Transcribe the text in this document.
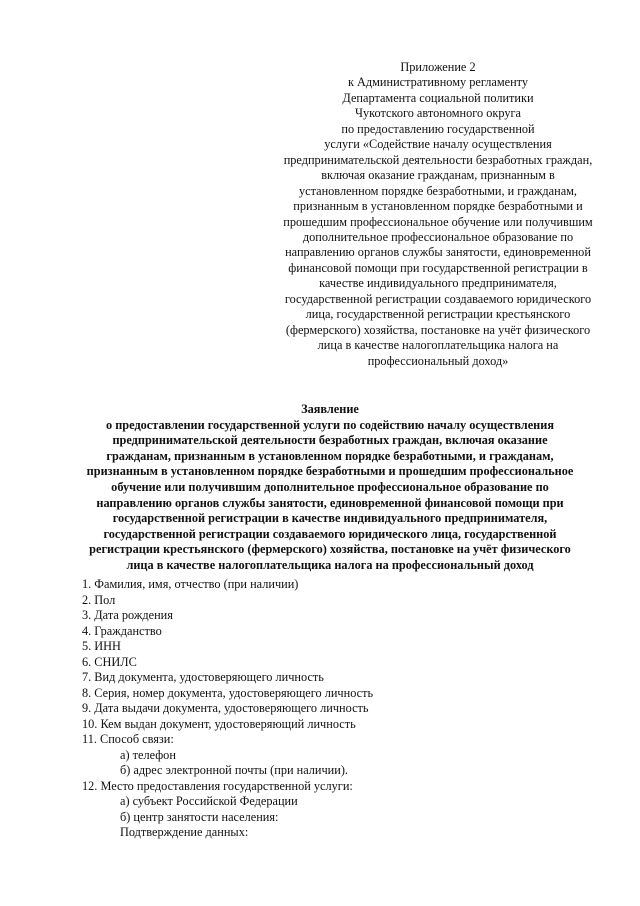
Приложение 2
к Административному регламенту
Департамента социальной политики
Чукотского автономного округа
по предоставлению государственной
услуги «Содействие началу осуществления
предпринимательской деятельности безработных граждан,
включая оказание гражданам, признанным в
установленном порядке безработными, и гражданам,
признанным в установленном порядке безработными и
прошедшим профессиональное обучение или получившим
дополнительное профессиональное образование по
направлению органов службы занятости, единовременной
финансовой помощи при государственной регистрации в
качестве индивидуального предпринимателя,
государственной регистрации создаваемого юридического
лица, государственной регистрации крестьянского
(фермерского) хозяйства, постановке на учёт физического
лица в качестве налогоплательщика налога на
профессиональный доход»
Заявление
о предоставлении государственной услуги по содействию началу осуществления
предпринимательской деятельности безработных граждан, включая оказание
гражданам, признанным в установленном порядке безработными, и гражданам,
признанным в установленном порядке безработными и прошедшим профессиональное
обучение или получившим дополнительное профессиональное образование по
направлению органов службы занятости, единовременной финансовой помощи при
государственной регистрации в качестве индивидуального предпринимателя,
государственной регистрации создаваемого юридического лица, государственной
регистрации крестьянского (фермерского) хозяйства, постановке на учёт физического
лица в качестве налогоплательщика налога на профессиональный доход
1. Фамилия, имя, отчество (при наличии)
2. Пол
3. Дата рождения
4. Гражданство
5. ИНН
6. СНИЛС
7. Вид документа, удостоверяющего личность
8. Серия, номер документа, удостоверяющего личность
9. Дата выдачи документа, удостоверяющего личность
10. Кем выдан документ, удостоверяющий личность
11. Способ связи:
а) телефон
б) адрес электронной почты (при наличии).
12. Место предоставления государственной услуги:
а) субъект Российской Федерации
б) центр занятости населения:
Подтверждение данных:
